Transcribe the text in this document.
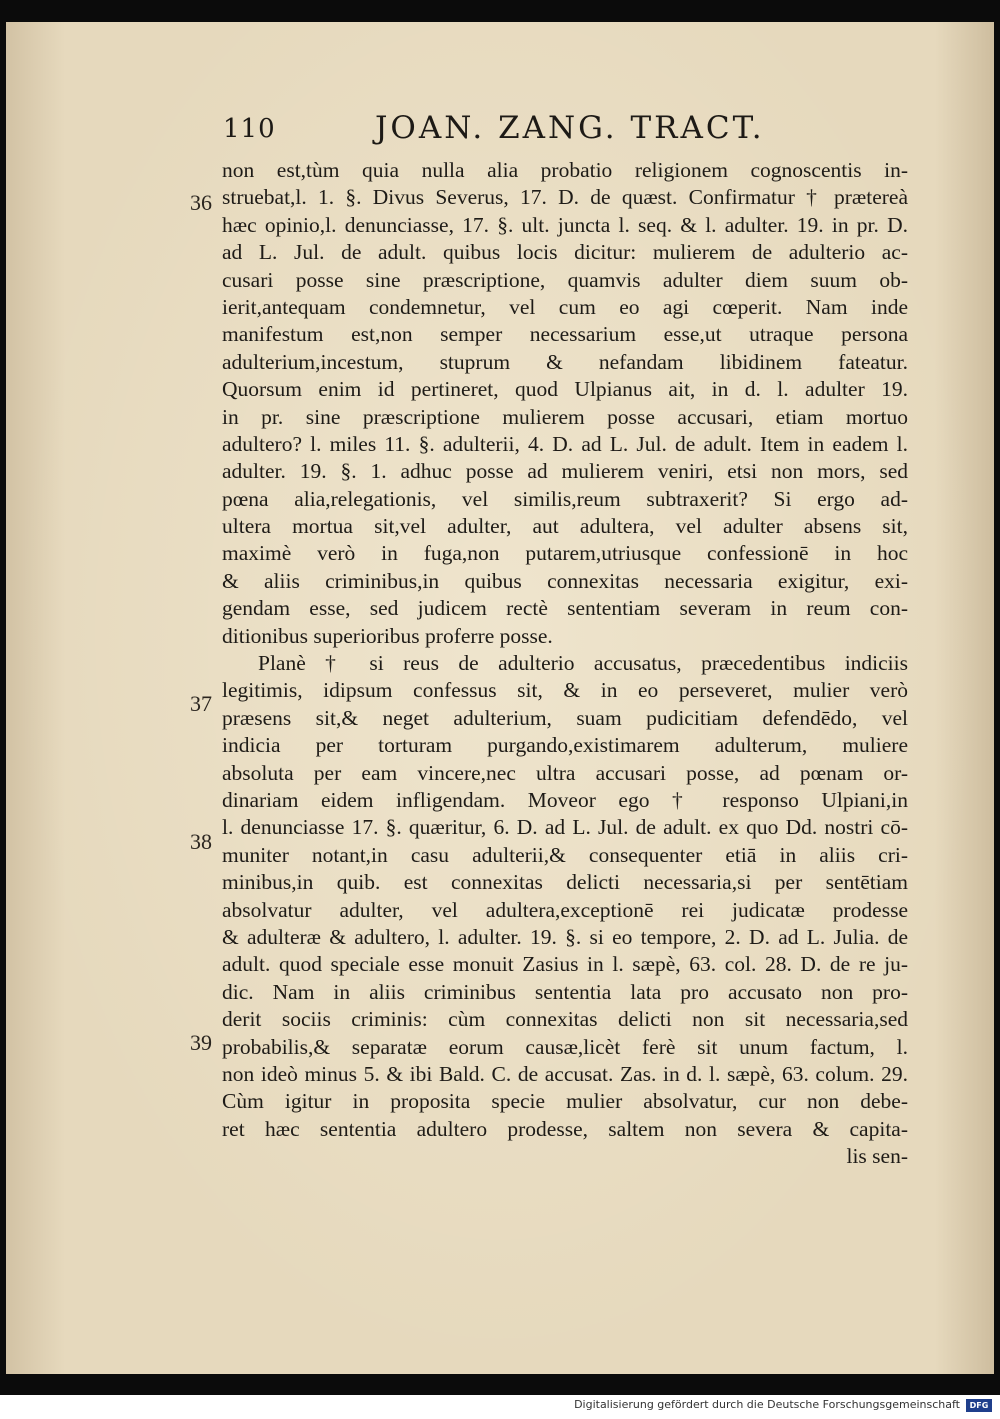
110	JOAN. ZANG. TRACT.
36
37
38
39
non est,tùm quia nulla alia probatio religionem cognoscentis in-
struebat,l. 1. §. Divus Severus, 17. D. de quæst. Confirmatur † prætereà
hæc opinio,l. denunciasse, 17. §. ult. juncta l. seq. & l. adulter. 19. in pr. D.
ad L. Jul. de adult. quibus locis dicitur: mulierem de adulterio ac-
cusari posse sine præscriptione, quamvis adulter diem suum ob-
ierit,antequam condemnetur, vel cum eo agi cœperit. Nam inde
manifestum est,non semper necessarium esse,ut utraque persona
adulterium,incestum, stuprum & nefandam libidinem fateatur.
Quorsum enim id pertineret, quod Ulpianus ait, in d. l. adulter 19.
in pr. sine præscriptione mulierem posse accusari, etiam mortuo
adultero? l. miles 11. §. adulterii, 4. D. ad L. Jul. de adult. Item in eadem l.
adulter. 19. §. 1. adhuc posse ad mulierem veniri, etsi non mors, sed
pœna alia,relegationis, vel similis,reum subtraxerit? Si ergo ad-
ultera mortua sit,vel adulter, aut adultera, vel adulter absens sit,
maximè verò in fuga,non putarem,utriusque confessionē in hoc
& aliis criminibus,in quibus connexitas necessaria exigitur, exi-
gendam esse, sed judicem rectè sententiam severam in reum con-
ditionibus superioribus proferre posse.
Planè † si reus de adulterio accusatus, præcedentibus indiciis
legitimis, idipsum confessus sit, & in eo perseveret, mulier verò
præsens sit,& neget adulterium, suam pudicitiam defendēdo, vel
indicia per torturam purgando,existimarem adulterum, muliere
absoluta per eam vincere,nec ultra accusari posse, ad pœnam or-
dinariam eidem infligendam. Moveor ego † responso Ulpiani,in
l. denunciasse 17. §. quæritur, 6. D. ad L. Jul. de adult. ex quo Dd. nostri cō-
muniter notant,in casu adulterii,& consequenter etiā in aliis cri-
minibus,in quib. est connexitas delicti necessaria,si per sentētiam
absolvatur adulter, vel adultera,exceptionē rei judicatæ prodesse
& adulteræ & adultero, l. adulter. 19. §. si eo tempore, 2. D. ad L. Julia. de
adult. quod speciale esse monuit Zasius in l. sæpè, 63. col. 28. D. de re ju-
dic. Nam in aliis criminibus sententia lata pro accusato non pro-
derit sociis criminis: cùm connexitas delicti non sit necessaria,sed
probabilis,& separatæ eorum causæ,licèt ferè sit unum factum, l.
non ideò minus 5. & ibi Bald. C. de accusat. Zas. in d. l. sæpè, 63. colum. 29.
Cùm igitur in proposita specie mulier absolvatur, cur non debe-
ret hæc sententia adultero prodesse, saltem non severa & capita-
lis sen-
Digitalisierung gefördert durch die Deutsche Forschungsgemeinschaft	DFG
